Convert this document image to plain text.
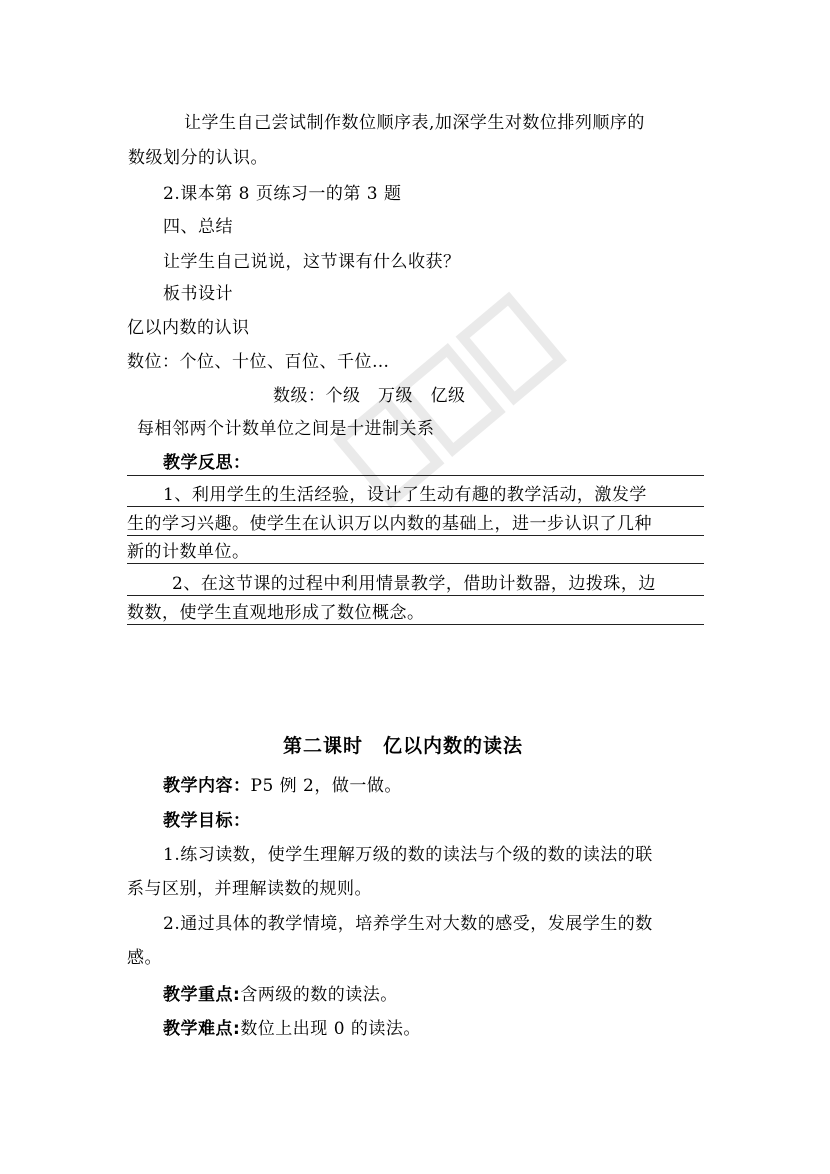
让学生自己尝试制作数位顺序表,加深学生对数位排列顺序的
数级划分的认识。
2.课本第 8 页练习一的第 3 题
四、总结
让学生自己说说，这节课有什么收获？
板书设计
亿以内数的认识
数位：个位、十位、百位、千位…
数级：个级　万级　亿级
每相邻两个计数单位之间是十进制关系
教学反思：
1、利用学生的生活经验，设计了生动有趣的教学活动，激发学
生的学习兴趣。使学生在认识万以内数的基础上，进一步认识了几种
新的计数单位。
2、在这节课的过程中利用情景教学，借助计数器，边拨珠，边
数数，使学生直观地形成了数位概念。
第二课时　亿以内数的读法
教学内容：P5 例 2，做一做。
教学目标：
1.练习读数，使学生理解万级的数的读法与个级的数的读法的联
系与区别，并理解读数的规则。
2.通过具体的教学情境，培养学生对大数的感受，发展学生的数
感。
教学重点:含两级的数的读法。
教学难点:数位上出现 0 的读法。
